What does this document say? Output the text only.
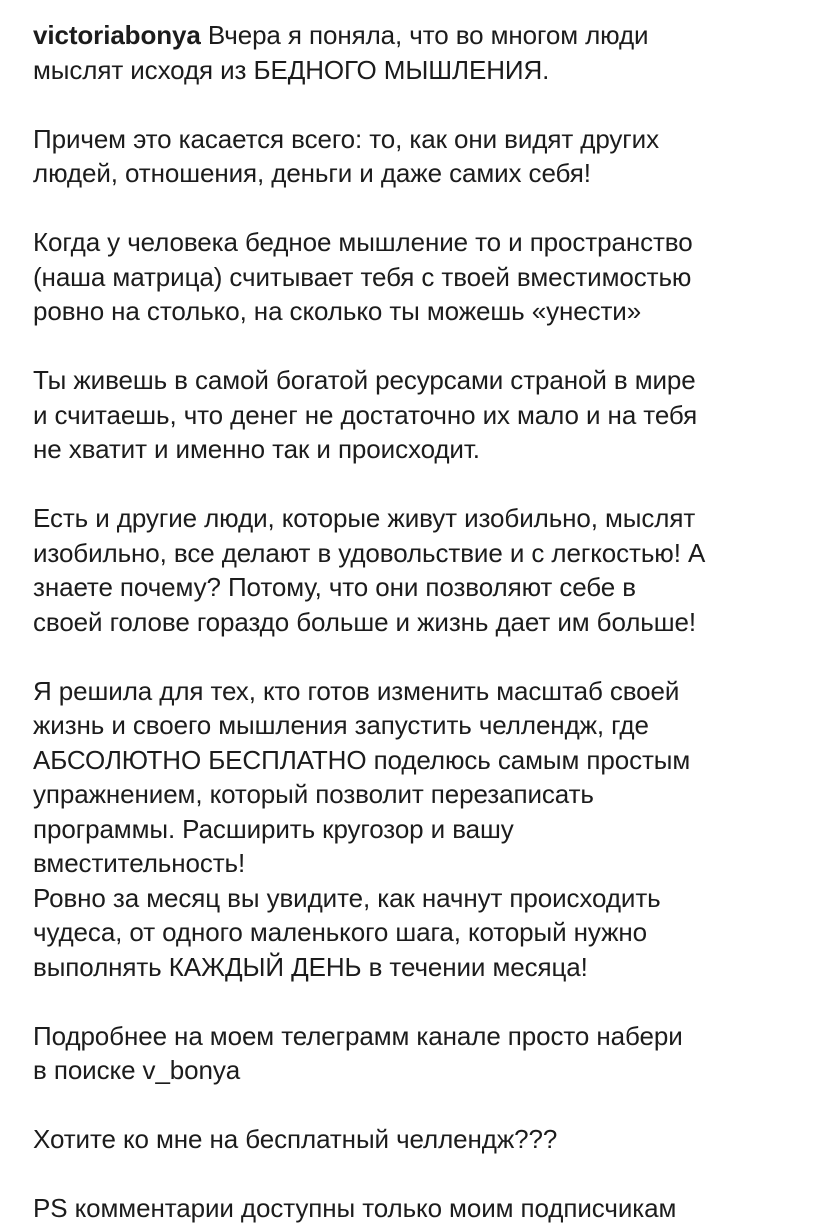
victoriabonya Вчера я поняла, что во многом люди
мыслят исходя из БЕДНОГО МЫШЛЕНИЯ.

Причем это касается всего: то, как они видят других
людей, отношения, деньги и даже самих себя!

Когда у человека бедное мышление то и пространство
(наша матрица) считывает тебя с твоей вместимостью
ровно на столько, на сколько ты можешь «унести»

Ты живешь в самой богатой ресурсами страной в мире
и считаешь, что денег не достаточно их мало и на тебя
не хватит и именно так и происходит.

Есть и другие люди, которые живут изобильно, мыслят
изобильно, все делают в удовольствие и с легкостью! А
знаете почему? Потому, что они позволяют себе в
своей голове гораздо больше и жизнь дает им больше!

Я решила для тех, кто готов изменить масштаб своей
жизнь и своего мышления запустить челлендж, где
АБСОЛЮТНО БЕСПЛАТНО поделюсь самым простым
упражнением, который позволит перезаписать
программы. Расширить кругозор и вашу
вместительность!

Ровно за месяц вы увидите, как начнут происходить
чудеса, от одного маленького шага, который нужно
выполнять КАЖДЫЙ ДЕНЬ в течении месяца!

Подробнее на моем телеграмм канале просто набери
в поиске v_bonya

Хотите ко мне на бесплатный челлендж???

PS комментарии доступны только моим подписчикам
